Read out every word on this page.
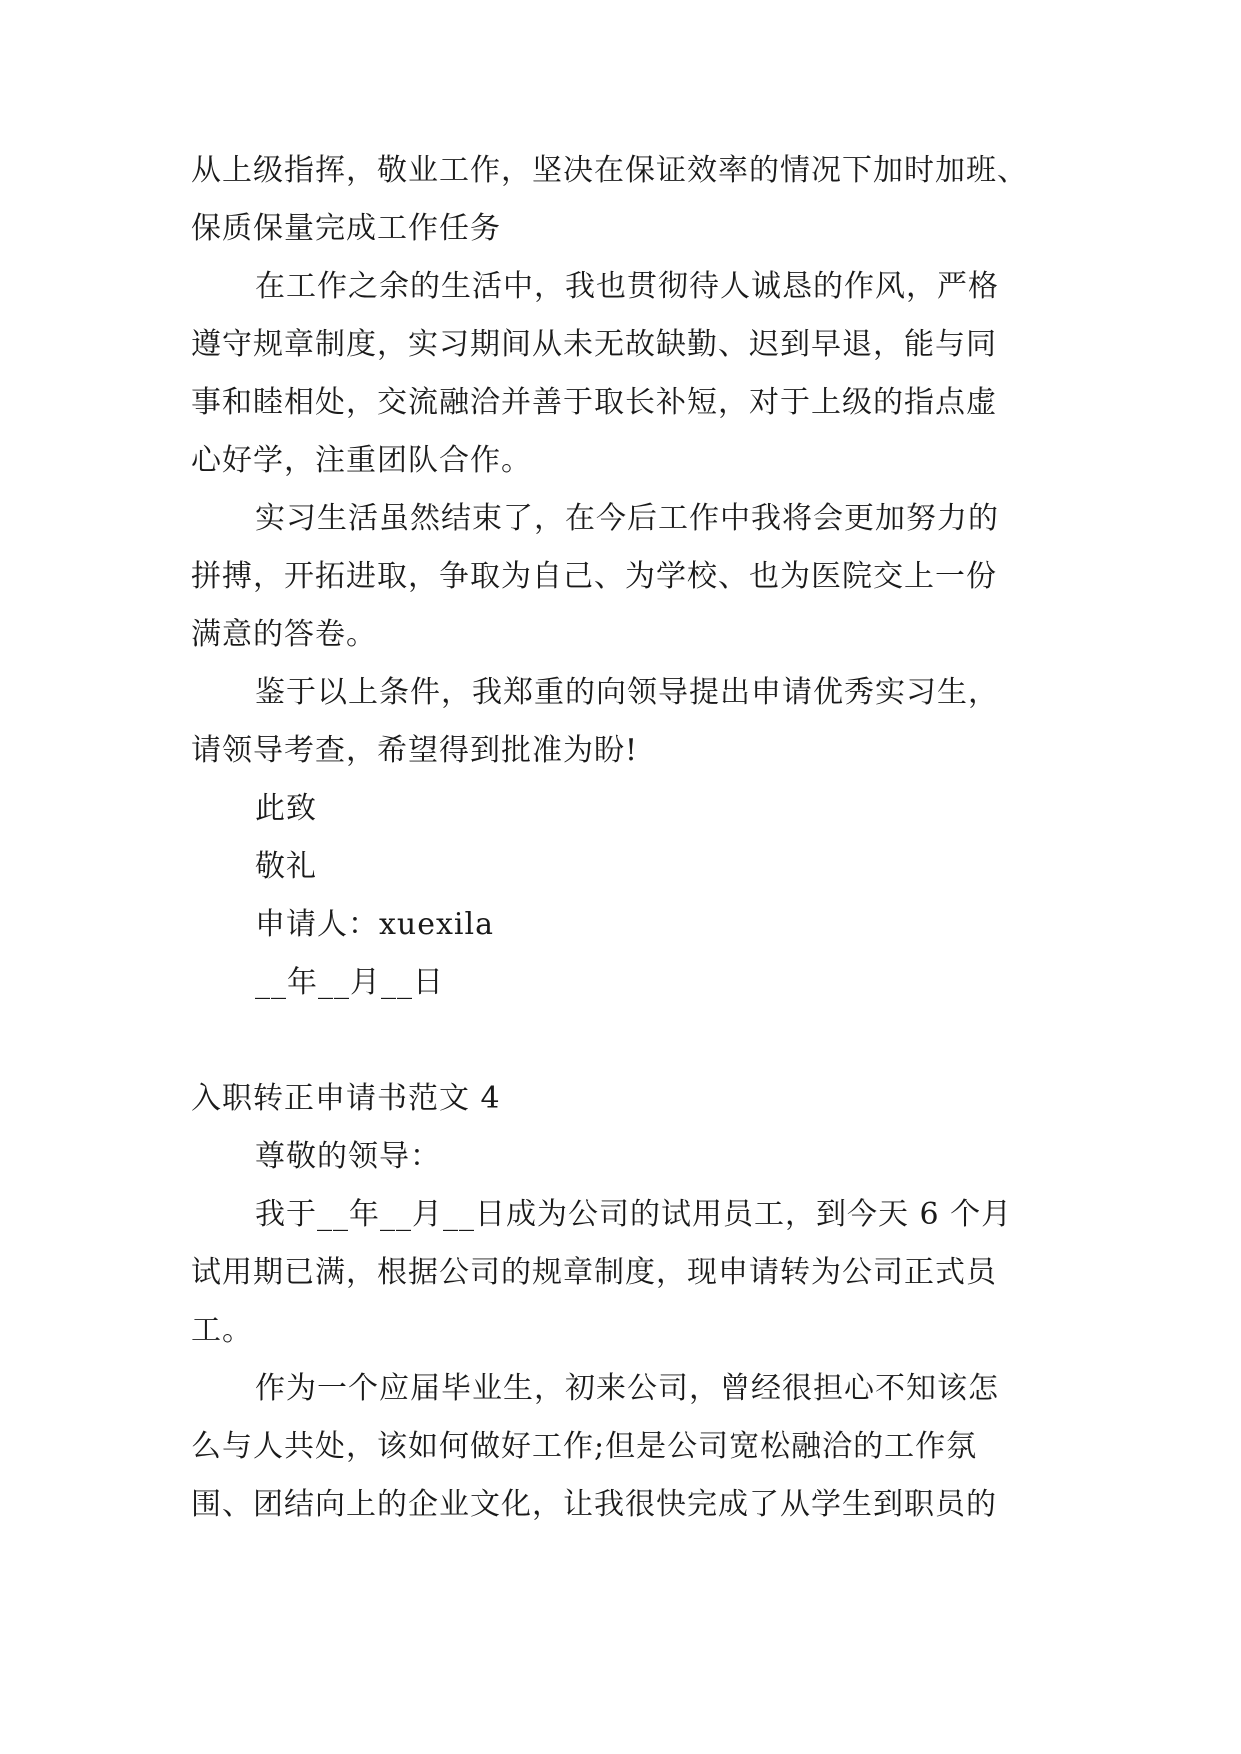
从上级指挥，敬业工作，坚决在保证效率的情况下加时加班、
保质保量完成工作任务
在工作之余的生活中，我也贯彻待人诚恳的作风，严格
遵守规章制度，实习期间从未无故缺勤、迟到早退，能与同
事和睦相处，交流融洽并善于取长补短，对于上级的指点虚
心好学，注重团队合作。
实习生活虽然结束了，在今后工作中我将会更加努力的
拼搏，开拓进取，争取为自己、为学校、也为医院交上一份
满意的答卷。
鉴于以上条件，我郑重的向领导提出申请优秀实习生，
请领导考查，希望得到批准为盼!
此致
敬礼
申请人：xuexila
__年__月__日
入职转正申请书范文 4
尊敬的领导：
我于__年__月__日成为公司的试用员工，到今天 6 个月
试用期已满，根据公司的规章制度，现申请转为公司正式员
工。
作为一个应届毕业生，初来公司，曾经很担心不知该怎
么与人共处，该如何做好工作;但是公司宽松融洽的工作氛
围、团结向上的企业文化，让我很快完成了从学生到职员的
